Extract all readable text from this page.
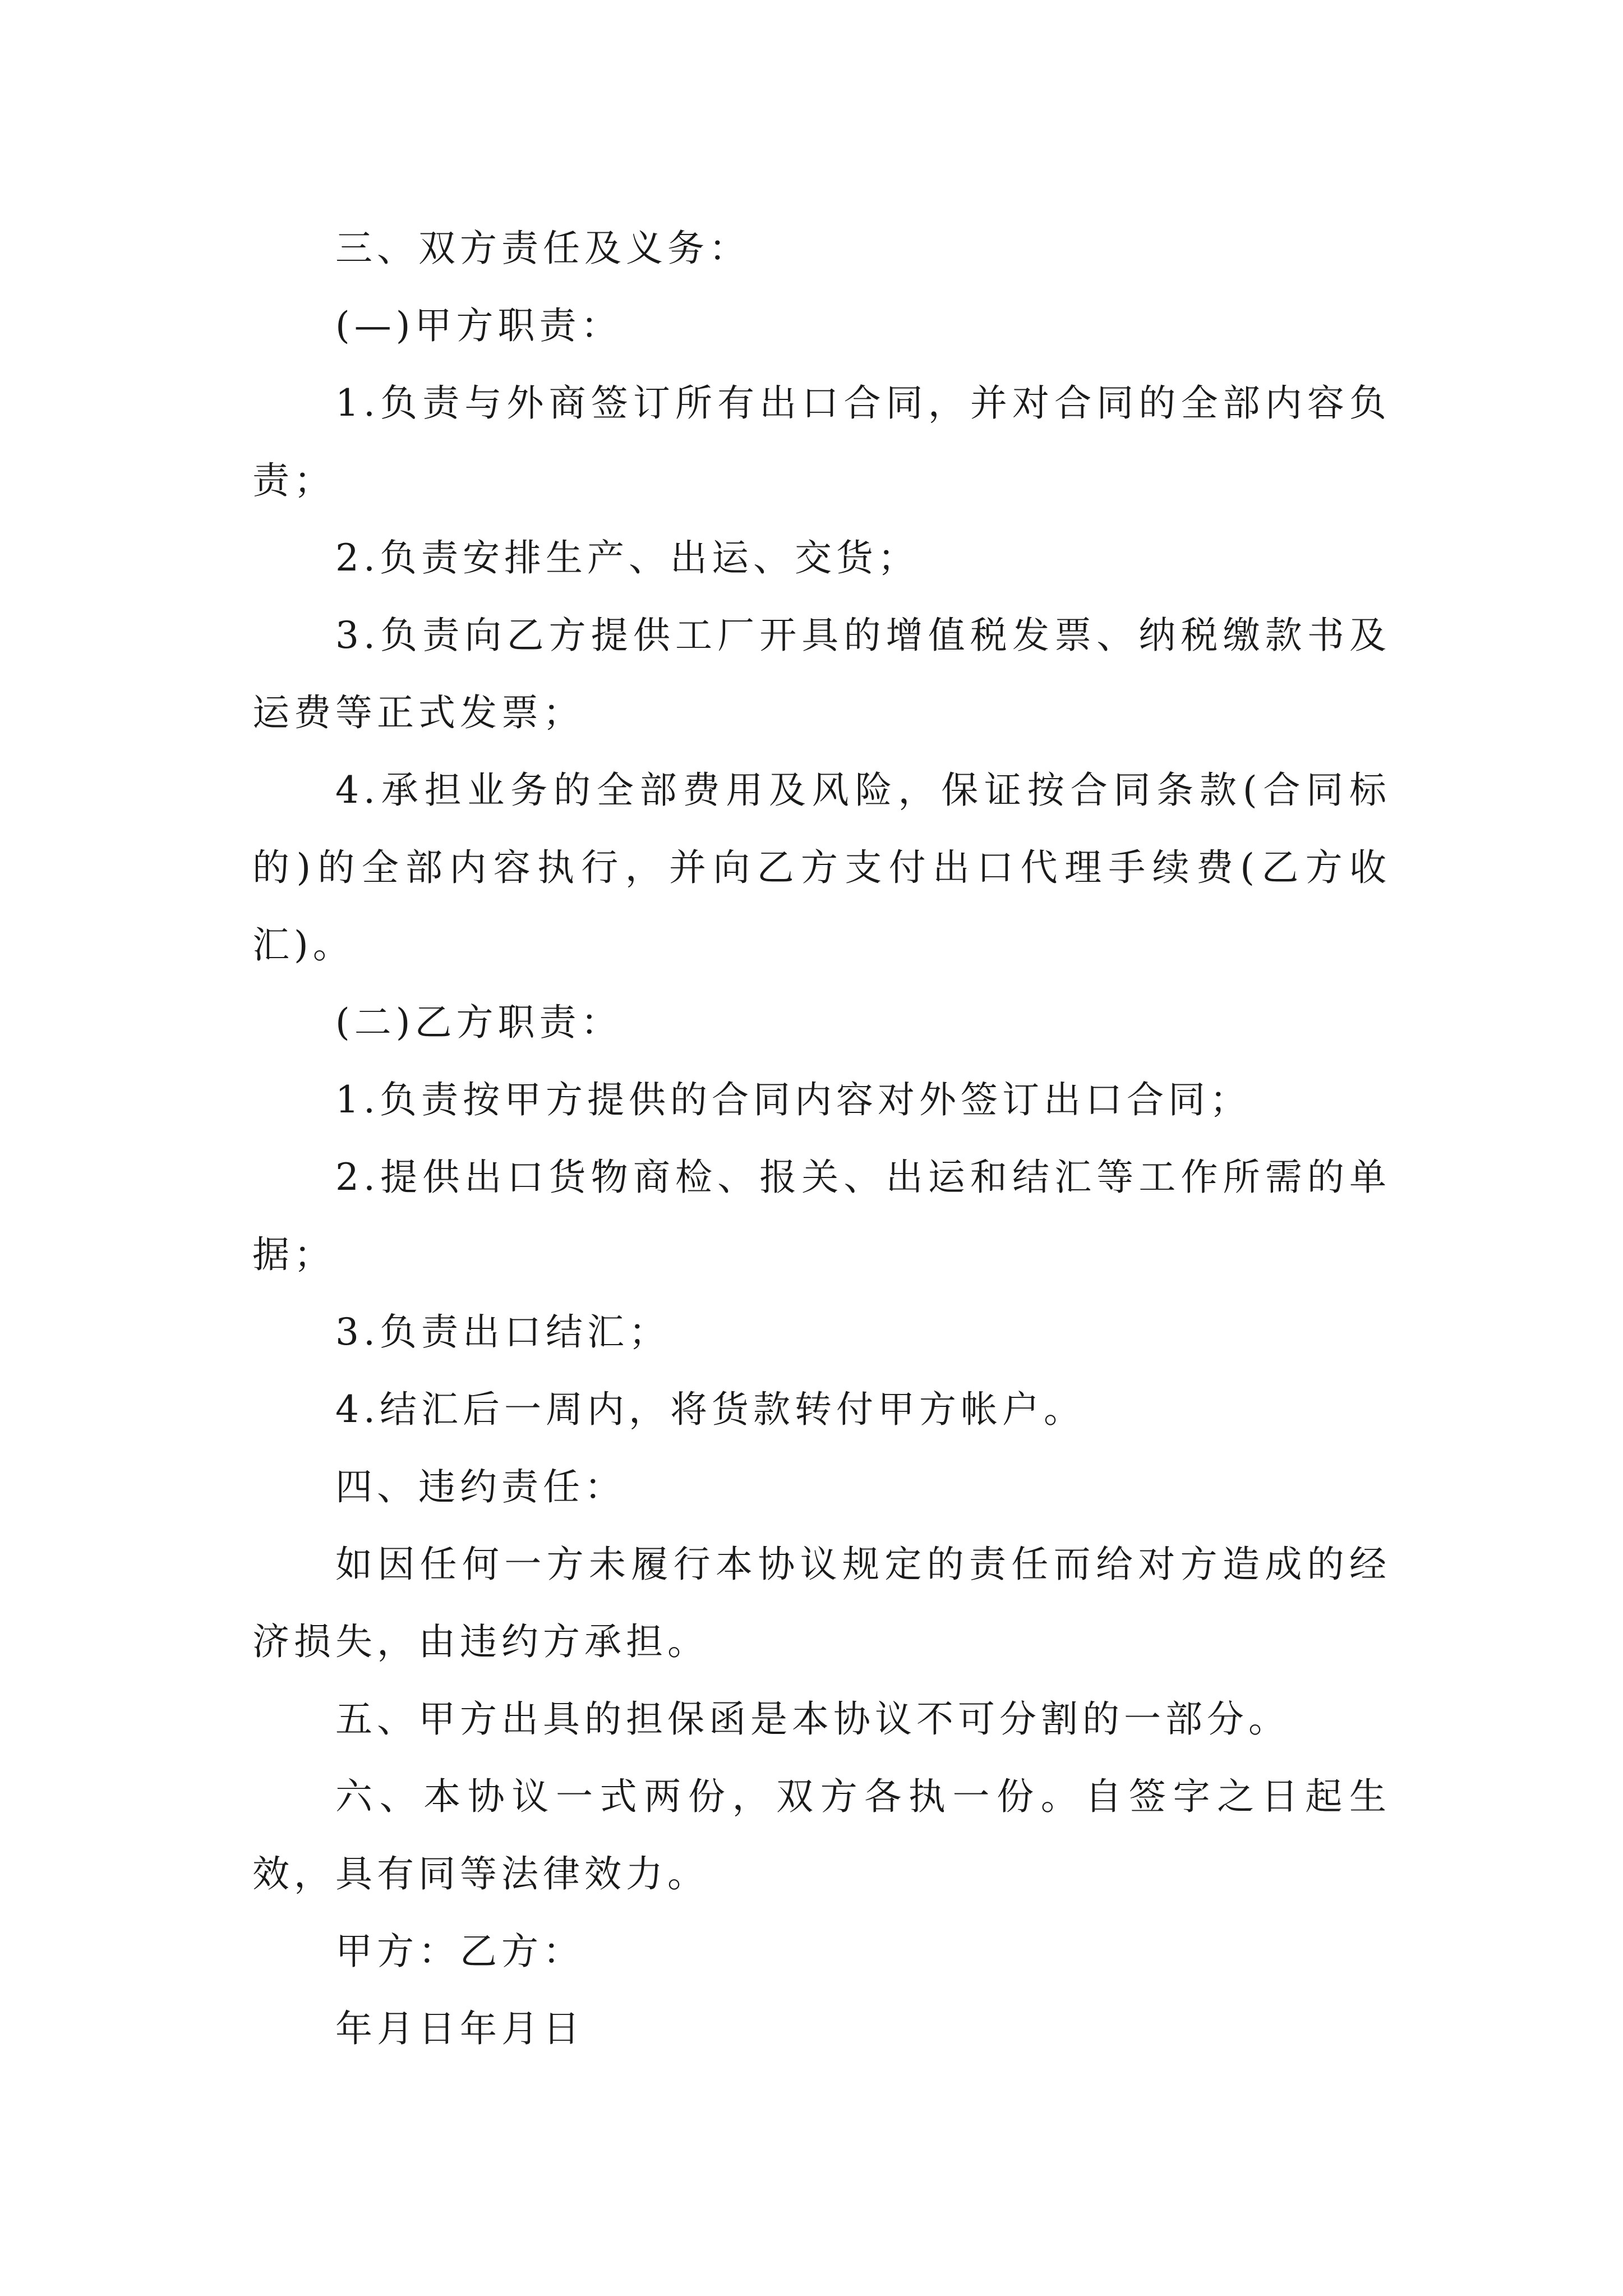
三、双方责任及义务：

(—)甲方职责：

1.负责与外商签订所有出口合同，并对合同的全部内容负责；

2.负责安排生产、出运、交货；

3.负责向乙方提供工厂开具的增值税发票、纳税缴款书及运费等正式发票；

4.承担业务的全部费用及风险，保证按合同条款(合同标的)的全部内容执行，并向乙方支付出口代理手续费(乙方收汇)。

(二)乙方职责：

1.负责按甲方提供的合同内容对外签订出口合同；

2.提供出口货物商检、报关、出运和结汇等工作所需的单据；

3.负责出口结汇；

4.结汇后一周内，将货款转付甲方帐户。

四、违约责任：

如因任何一方未履行本协议规定的责任而给对方造成的经济损失，由违约方承担。

五、甲方出具的担保函是本协议不可分割的一部分。

六、本协议一式两份，双方各执一份。自签字之日起生效，具有同等法律效力。

甲方：乙方：

年月日年月日
